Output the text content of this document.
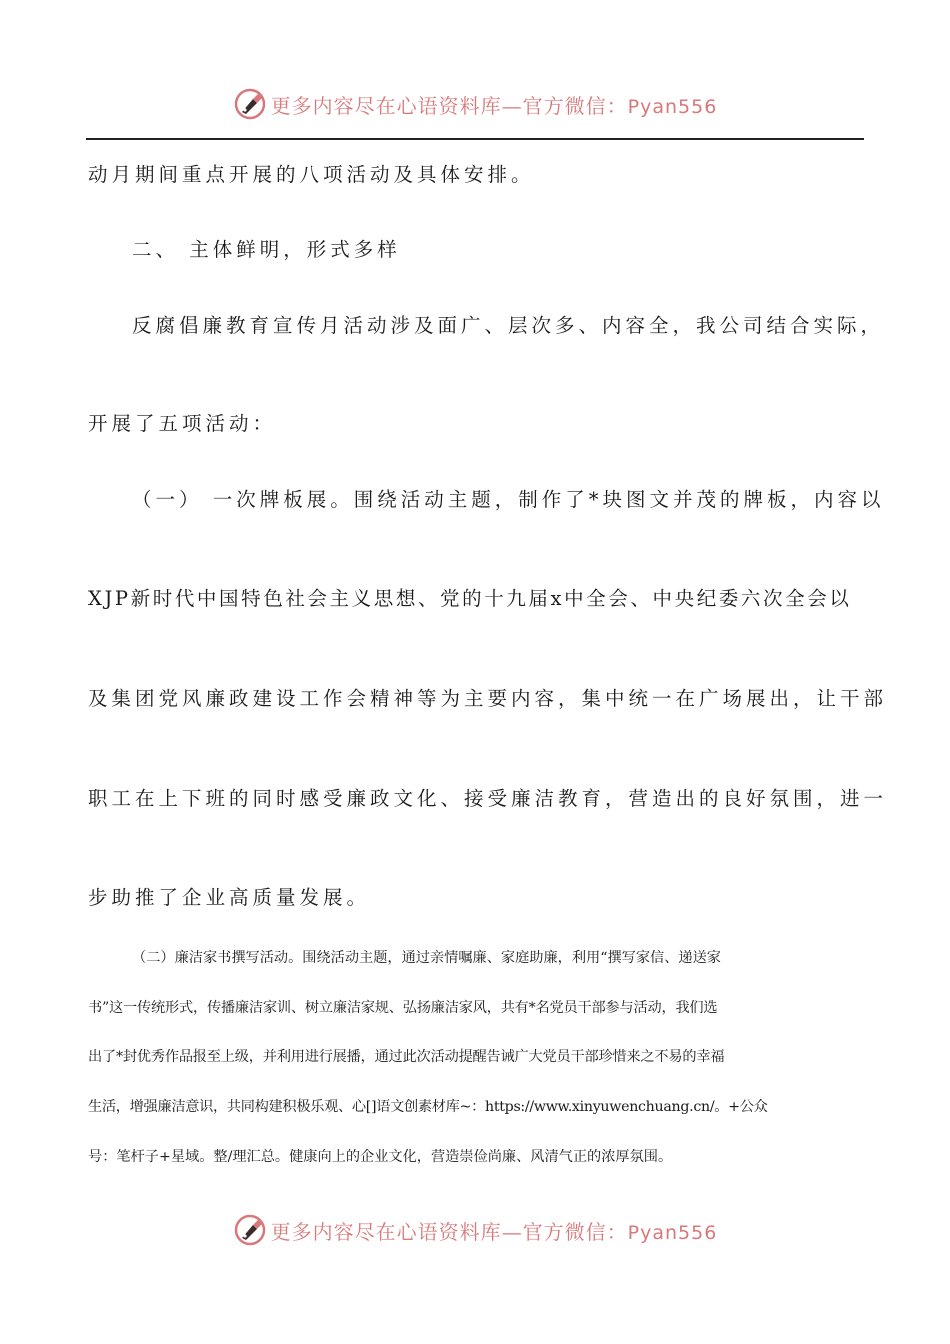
更多内容尽在心语资料库—官方微信：Pyan556
动月期间重点开展的八项活动及具体安排。
二、 主体鲜明，形式多样
反腐倡廉教育宣传月活动涉及面广、层次多、内容全，我公司结合实际，
开展了五项活动：
（一） 一次牌板展。围绕活动主题，制作了*块图文并茂的牌板，内容以
XJP新时代中国特色社会主义思想、党的十九届x中全会、中央纪委六次全会以
及集团党风廉政建设工作会精神等为主要内容，集中统一在广场展出，让干部
职工在上下班的同时感受廉政文化、接受廉洁教育，营造出的良好氛围，进一
步助推了企业高质量发展。
（二）廉洁家书撰写活动。围绕活动主题，通过亲情嘱廉、家庭助廉，利用“撰写家信、递送家
书”这一传统形式，传播廉洁家训、树立廉洁家规、弘扬廉洁家风，共有*名党员干部参与活动，我们选
出了*封优秀作品报至上级，并利用进行展播，通过此次活动提醒告诫广大党员干部珍惜来之不易的幸福
生活，增强廉洁意识，共同构建积极乐观、心[]语文创素材库~：https://www.xinyuwenchuang.cn/。+公众
号：笔杆子+星域。整/理汇总。健康向上的企业文化，营造崇俭尚廉、风清气正的浓厚氛围。
更多内容尽在心语资料库—官方微信：Pyan556
